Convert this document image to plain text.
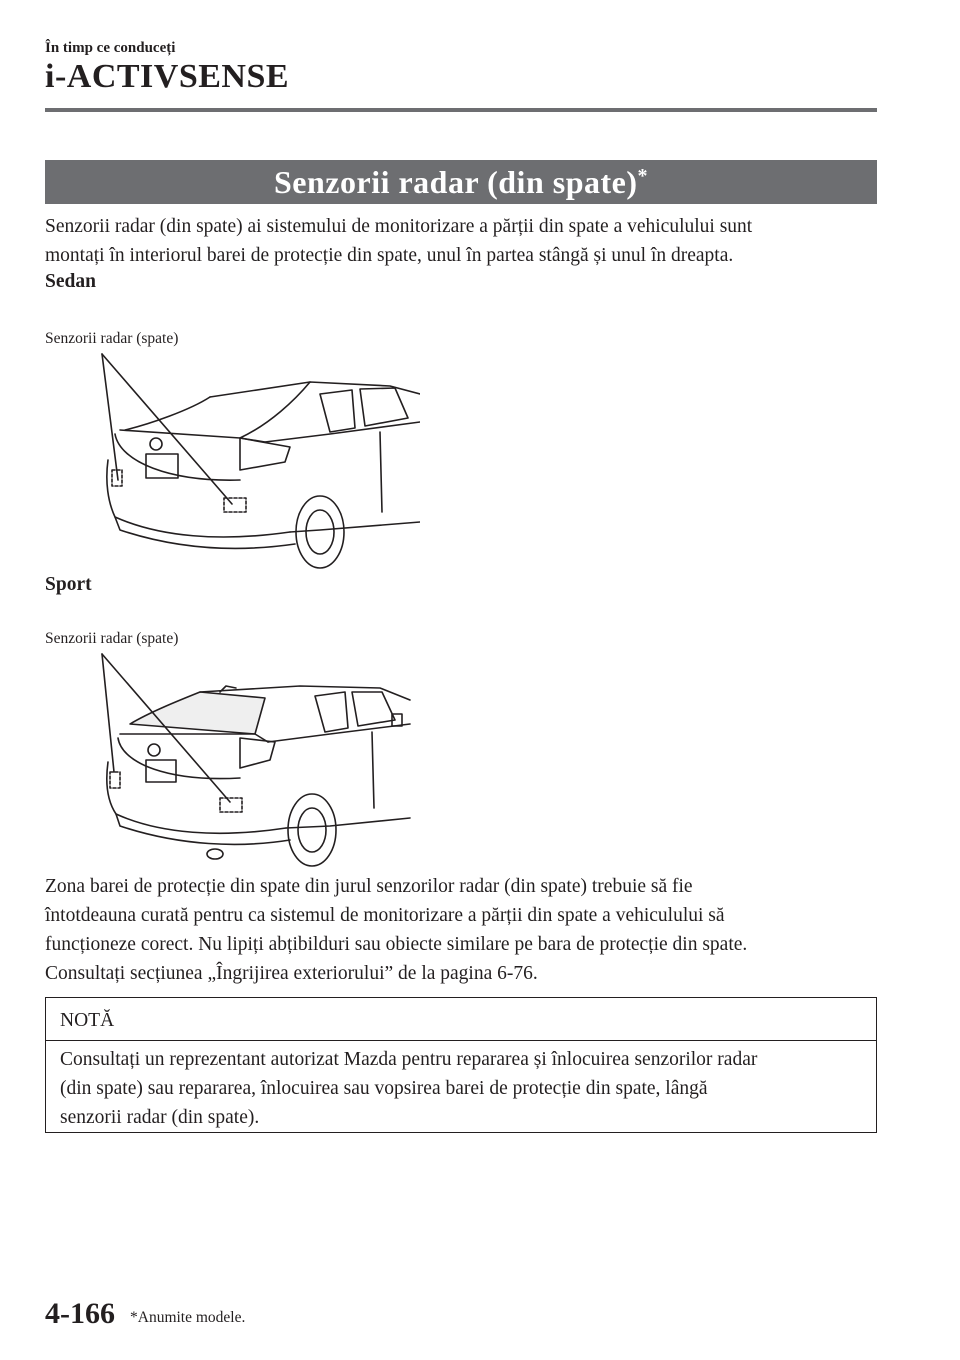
În timp ce conduceți
i-ACTIVSENSE
Senzorii radar (din spate)*
Senzorii radar (din spate) ai sistemului de monitorizare a părții din spate a vehiculului sunt
montați în interiorul barei de protecție din spate, unul în partea stângă și unul în dreapta.
Sedan
Senzorii radar (spate)
Sport
Senzorii radar (spate)
Zona barei de protecție din spate din jurul senzorilor radar (din spate) trebuie să fie
întotdeauna curată pentru ca sistemul de monitorizare a părții din spate a vehiculului să
funcționeze corect. Nu lipiți abțibilduri sau obiecte similare pe bara de protecție din spate.
Consultați secțiunea „Îngrijirea exteriorului” de la pagina 6-76.
NOTĂ
Consultați un reprezentant autorizat Mazda pentru repararea și înlocuirea senzorilor radar
(din spate) sau repararea, înlocuirea sau vopsirea barei de protecție din spate, lângă
senzorii radar (din spate).
4-166 *Anumite modele.
